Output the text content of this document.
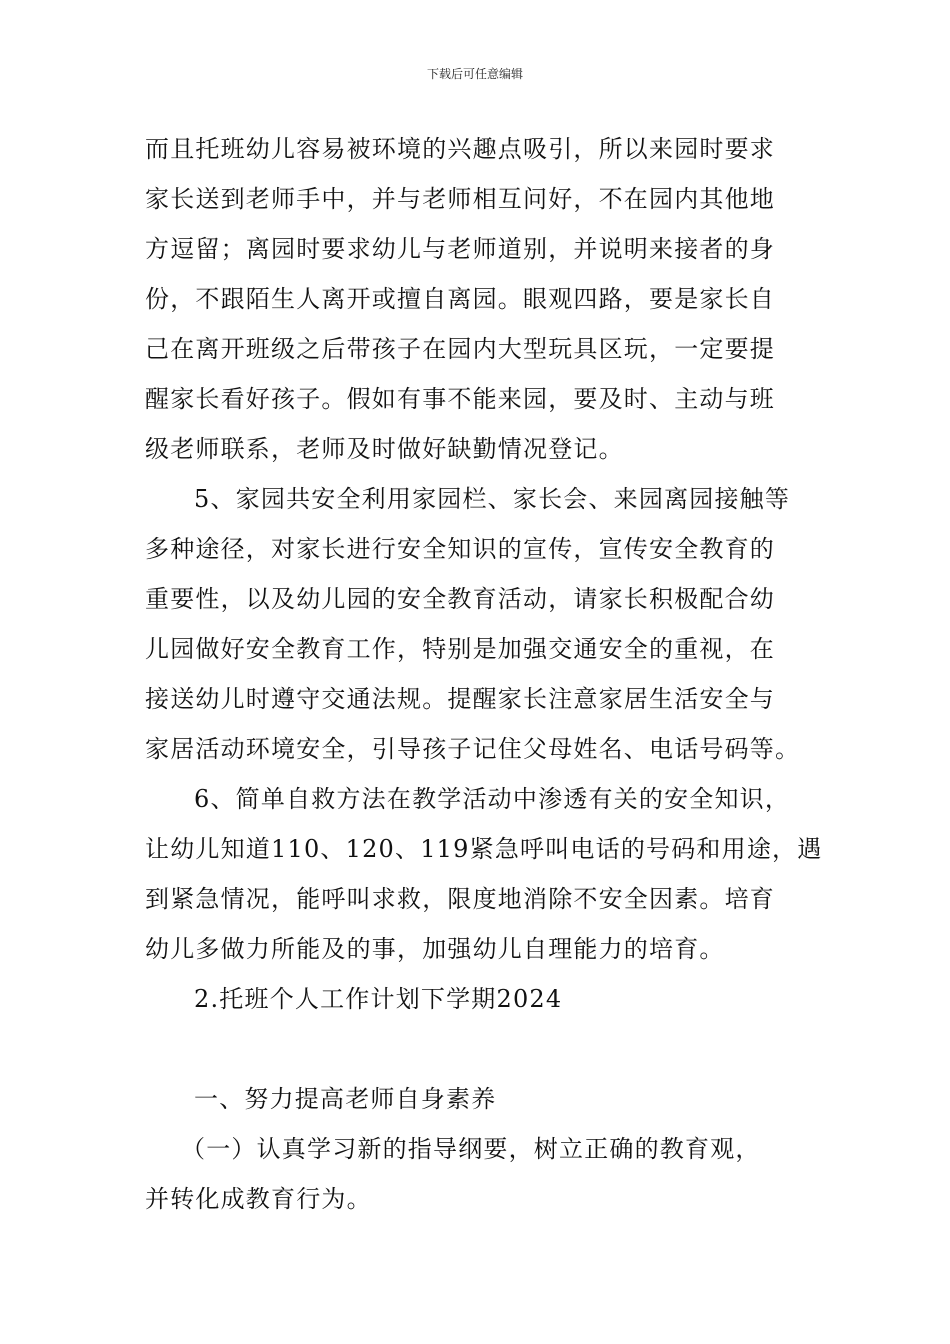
下载后可任意编辑
而且托班幼儿容易被环境的兴趣点吸引，所以来园时要求
家长送到老师手中，并与老师相互问好，不在园内其他地
方逗留；离园时要求幼儿与老师道别，并说明来接者的身
份，不跟陌生人离开或擅自离园。眼观四路，要是家长自
己在离开班级之后带孩子在园内大型玩具区玩，一定要提
醒家长看好孩子。假如有事不能来园，要及时、主动与班
级老师联系，老师及时做好缺勤情况登记。
5、家园共安全利用家园栏、家长会、来园离园接触等
多种途径，对家长进行安全知识的宣传，宣传安全教育的
重要性，以及幼儿园的安全教育活动，请家长积极配合幼
儿园做好安全教育工作，特别是加强交通安全的重视，在
接送幼儿时遵守交通法规。提醒家长注意家居生活安全与
家居活动环境安全，引导孩子记住父母姓名、电话号码等。
6、简单自救方法在教学活动中渗透有关的安全知识，
让幼儿知道110、120、119紧急呼叫电话的号码和用途，遇
到紧急情况，能呼叫求救，限度地消除不安全因素。培育
幼儿多做力所能及的事，加强幼儿自理能力的培育。
2.托班个人工作计划下学期2024
一、努力提高老师自身素养
（一）认真学习新的指导纲要，树立正确的教育观，
并转化成教育行为。
